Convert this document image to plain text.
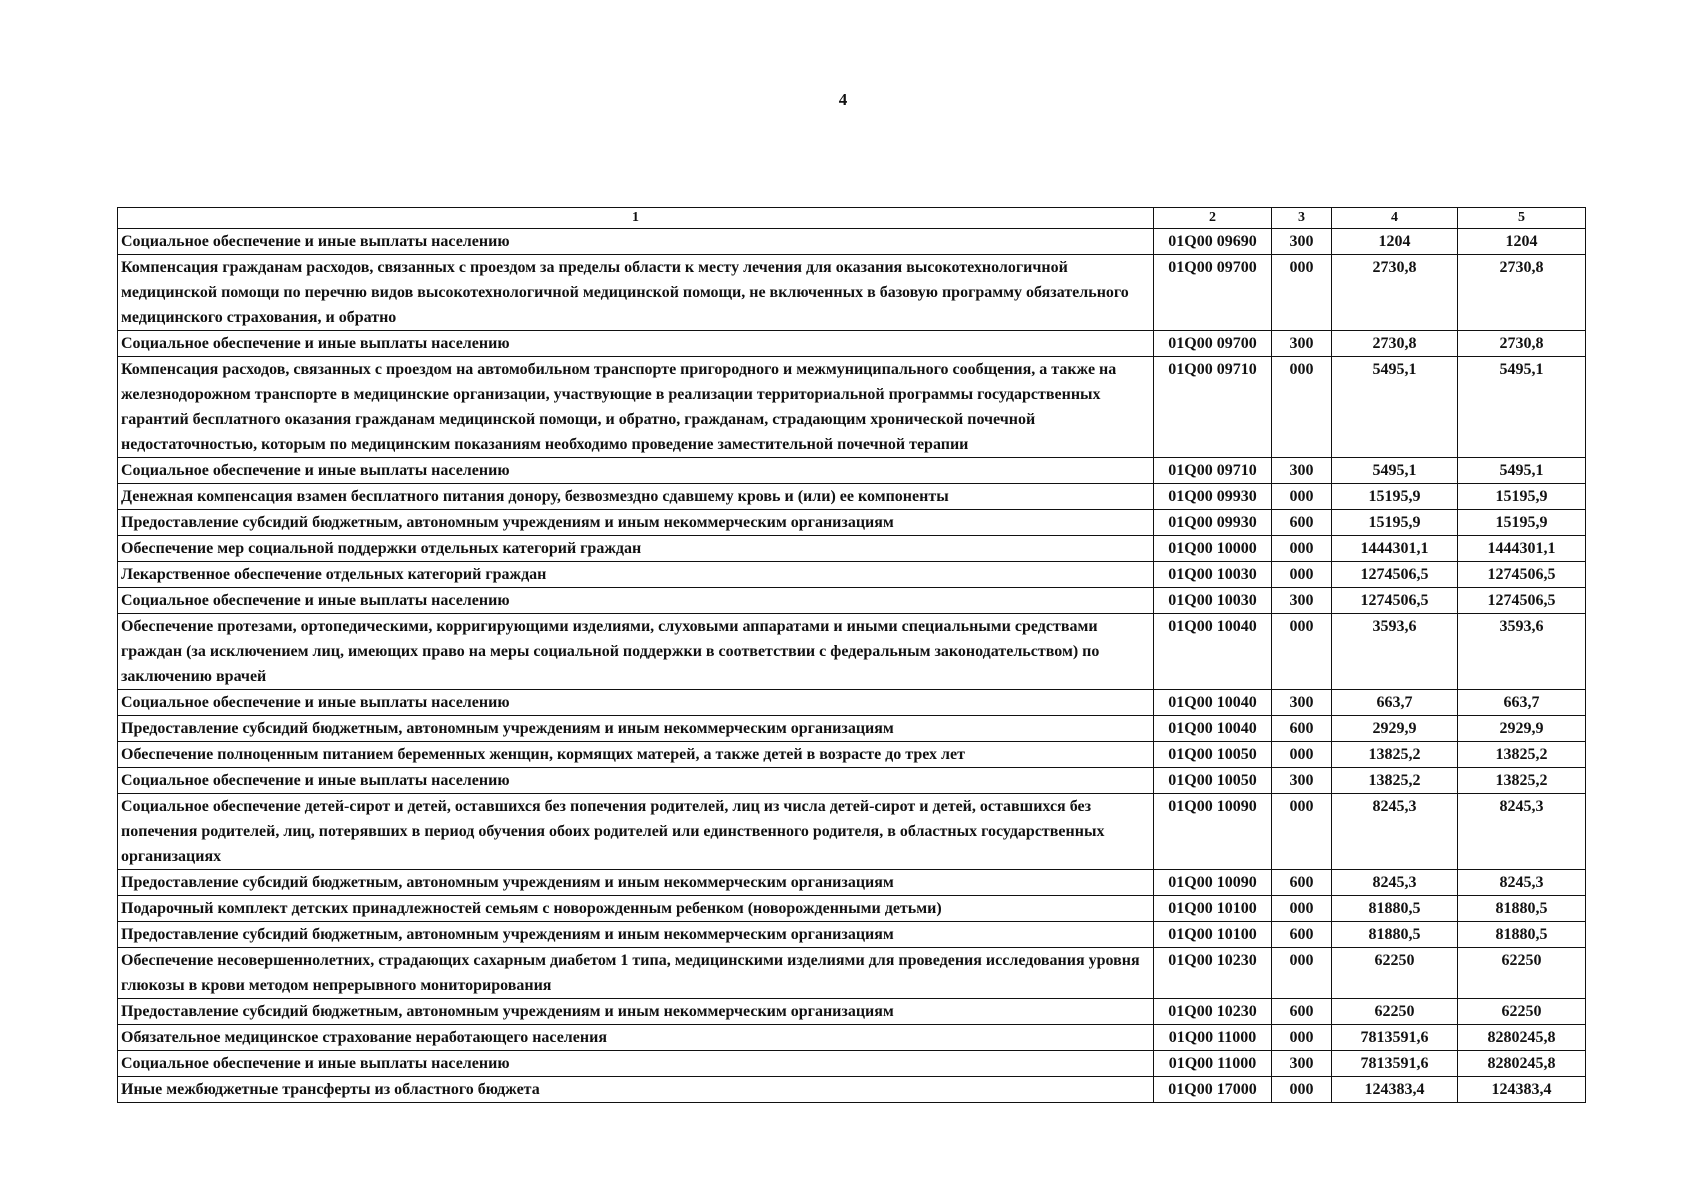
4
1	2	3	4	5
Социальное обеспечение и иные выплаты населению	01Q00 09690	300	1204	1204
Компенсация гражданам расходов, связанных с проездом за пределы области к месту лечения для оказания высокотехнологичной медицинской помощи по перечню видов высокотехнологичной медицинской помощи, не включенных в базовую программу обязательного медицинского страхования, и обратно	01Q00 09700	000	2730,8	2730,8
Социальное обеспечение и иные выплаты населению	01Q00 09700	300	2730,8	2730,8
Компенсация расходов, связанных с проездом на автомобильном транспорте пригородного и межмуниципального сообщения, а также на железнодорожном транспорте в медицинские организации, участвующие в реализации территориальной программы государственных гарантий бесплатного оказания гражданам медицинской помощи, и обратно, гражданам, страдающим хронической почечной недостаточностью, которым по медицинским показаниям необходимо проведение заместительной почечной терапии	01Q00 09710	000	5495,1	5495,1
Социальное обеспечение и иные выплаты населению	01Q00 09710	300	5495,1	5495,1
Денежная компенсация взамен бесплатного питания донору, безвозмездно сдавшему кровь и (или) ее компоненты	01Q00 09930	000	15195,9	15195,9
Предоставление субсидий бюджетным, автономным учреждениям и иным некоммерческим организациям	01Q00 09930	600	15195,9	15195,9
Обеспечение мер социальной поддержки отдельных категорий граждан	01Q00 10000	000	1444301,1	1444301,1
Лекарственное обеспечение отдельных категорий граждан	01Q00 10030	000	1274506,5	1274506,5
Социальное обеспечение и иные выплаты населению	01Q00 10030	300	1274506,5	1274506,5
Обеспечение протезами, ортопедическими, корригирующими изделиями, слуховыми аппаратами и иными специальными средствами граждан (за исключением лиц, имеющих право на меры социальной поддержки в соответствии с федеральным законодательством) по заключению врачей	01Q00 10040	000	3593,6	3593,6
Социальное обеспечение и иные выплаты населению	01Q00 10040	300	663,7	663,7
Предоставление субсидий бюджетным, автономным учреждениям и иным некоммерческим организациям	01Q00 10040	600	2929,9	2929,9
Обеспечение полноценным питанием беременных женщин, кормящих матерей, а также детей в возрасте до трех лет	01Q00 10050	000	13825,2	13825,2
Социальное обеспечение и иные выплаты населению	01Q00 10050	300	13825,2	13825,2
Социальное обеспечение детей-сирот и детей, оставшихся без попечения родителей, лиц из числа детей-сирот и детей, оставшихся без попечения родителей, лиц, потерявших в период обучения обоих родителей или единственного родителя, в областных государственных организациях	01Q00 10090	000	8245,3	8245,3
Предоставление субсидий бюджетным, автономным учреждениям и иным некоммерческим организациям	01Q00 10090	600	8245,3	8245,3
Подарочный комплект детских принадлежностей семьям с новорожденным ребенком (новорожденными детьми)	01Q00 10100	000	81880,5	81880,5
Предоставление субсидий бюджетным, автономным учреждениям и иным некоммерческим организациям	01Q00 10100	600	81880,5	81880,5
Обеспечение несовершеннолетних, страдающих сахарным диабетом 1 типа, медицинскими изделиями для проведения исследования уровня глюкозы в крови методом непрерывного мониторирования	01Q00 10230	000	62250	62250
Предоставление субсидий бюджетным, автономным учреждениям и иным некоммерческим организациям	01Q00 10230	600	62250	62250
Обязательное медицинское страхование неработающего населения	01Q00 11000	000	7813591,6	8280245,8
Социальное обеспечение и иные выплаты населению	01Q00 11000	300	7813591,6	8280245,8
Иные межбюджетные трансферты из областного бюджета	01Q00 17000	000	124383,4	124383,4
